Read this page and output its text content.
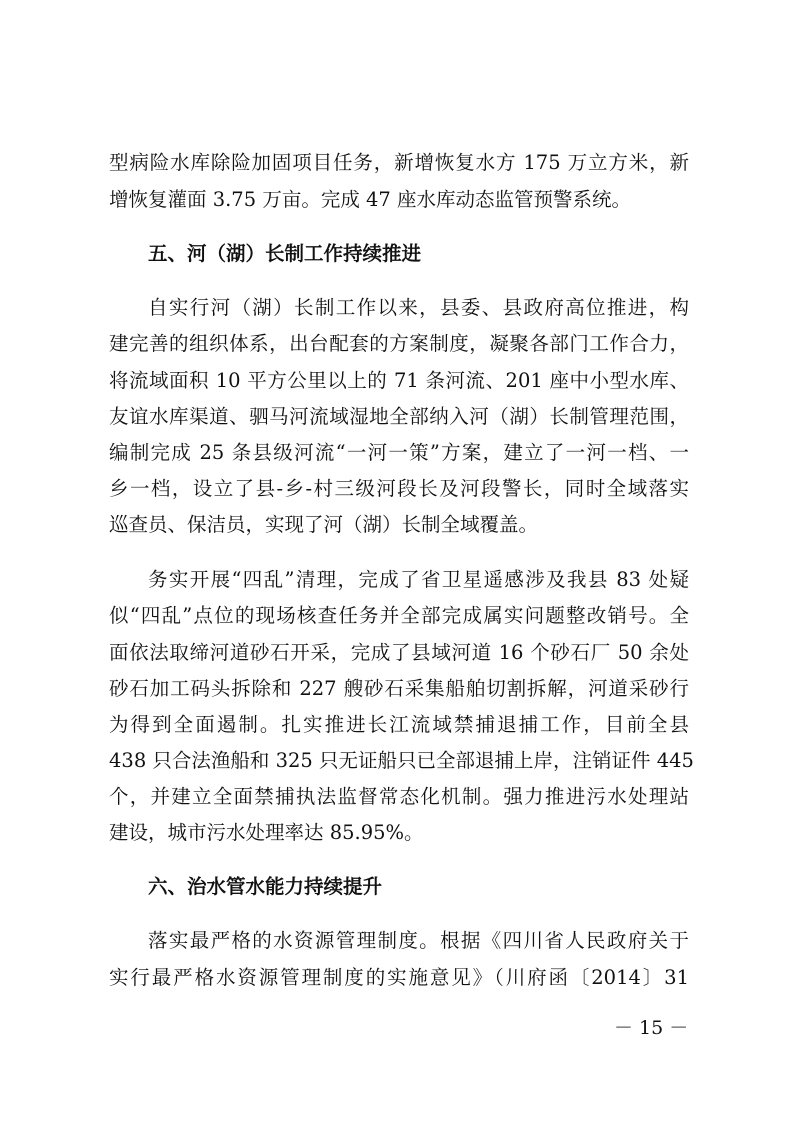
型病险水库除险加固项目任务，新增恢复水方 175 万立方米，新
增恢复灌面 3.75 万亩。完成 47 座水库动态监管预警系统。
五、河（湖）长制工作持续推进
自实行河（湖）长制工作以来，县委、县政府高位推进，构
建完善的组织体系，出台配套的方案制度，凝聚各部门工作合力，
将流域面积 10 平方公里以上的 71 条河流、201 座中小型水库、
友谊水库渠道、驷马河流域湿地全部纳入河（湖）长制管理范围，
编制完成 25 条县级河流“一河一策”方案，建立了一河一档、一
乡一档，设立了县-乡-村三级河段长及河段警长，同时全域落实
巡查员、保洁员，实现了河（湖）长制全域覆盖。
务实开展“四乱”清理，完成了省卫星遥感涉及我县 83 处疑
似“四乱”点位的现场核查任务并全部完成属实问题整改销号。全
面依法取缔河道砂石开采，完成了县域河道 16 个砂石厂 50 余处
砂石加工码头拆除和 227 艘砂石采集船舶切割拆解，河道采砂行
为得到全面遏制。扎实推进长江流域禁捕退捕工作，目前全县
438 只合法渔船和 325 只无证船只已全部退捕上岸，注销证件 445
个，并建立全面禁捕执法监督常态化机制。强力推进污水处理站
建设，城市污水处理率达 85.95%。
六、治水管水能力持续提升
落实最严格的水资源管理制度。根据《四川省人民政府关于
实行最严格水资源管理制度的实施意见》（川府函〔2014〕31
－ 15 －
